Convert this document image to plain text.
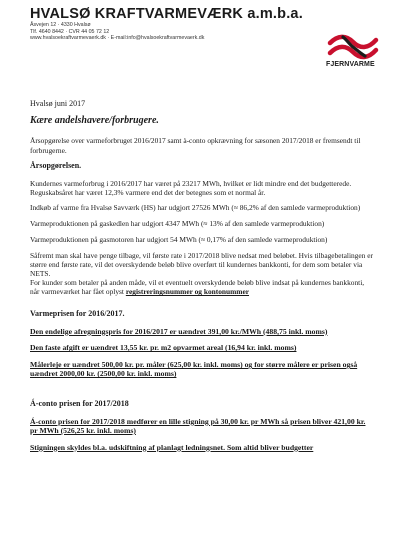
HVALSØ KRAFTVARMEVÆRK a.m.b.a.
Åsvejen 12 · 4330 Hvalsø
Tlf. 4640 8442 · CVR 44 05 72 12
www.hvalsoekraftvarmevaerk.dk · E-mail:info@hvalsoekraftvarmevaerk.dk
FJERNVARME
Hvalsø juni 2017
Kære andelshavere/forbrugere.

Årsopgørelse over varmeforbruget 2016/2017 samt à-conto opkrævning for sæsonen 2017/2018 er fremsendt til forbrugerne.

Årsopgørelsen.

Kundernes varmeforbrug i 2016/2017 har været på 23217 MWh, hvilket er lidt mindre end det budgetterede. Reguskabsåret har været 12,3% varmere end det der betegnes som et normal år.

Indkøb af varme fra Hvalsø Savværk (HS) har udgjort 27526 MWh (≈ 86,2% af den samlede varmeproduktion)

Varmeproduktionen på gaskedlen har udgjort 4347 MWh (≈ 13% af den samlede varmeproduktion)

Varmeproduktionen på gasmotoren har udgjort 54 MWh (≈ 0,17% af den samlede varmeproduktion)

Såfremt man skal have penge tilbage, vil første rate i 2017/2018 blive nedsat med beløbet. Hvis tilbagebetalingen er større end første rate, vil det overskydende beløb blive overført til kundernes bankkonti, for dem som betaler via NETS.

For kunder som betaler på anden måde, vil et eventuelt overskydende beløb blive indsat på kundernes bankkonti, når varmeværket har fået oplyst registreringsnummer og kontonummer

Varmeprisen for 2016/2017.
Den endelige afregningspris for 2016/2017 er uændret 391,00 kr./MWh (488,75 inkl. moms)
Den faste afgift er uændret 13,55 kr. pr. m2 opvarmet areal (16,94 kr. inkl. moms)
Målerleje er uændret 500,00 kr. pr. måler (625,00 kr. inkl. moms) og for større målere er prisen også uændret 2000,00 kr. (2500,00 kr. inkl. moms)
Á-conto prisen for 2017/2018
Á-conto prisen for 2017/2018 medfører en lille stigning på 30,00 kr. pr MWh så prisen bliver 421,00 kr. pr MWh (526,25 kr. inkl. moms)
Stigningen skyldes bl.a. udskiftning af planlagt ledningsnet. Som altid bliver budgetter
